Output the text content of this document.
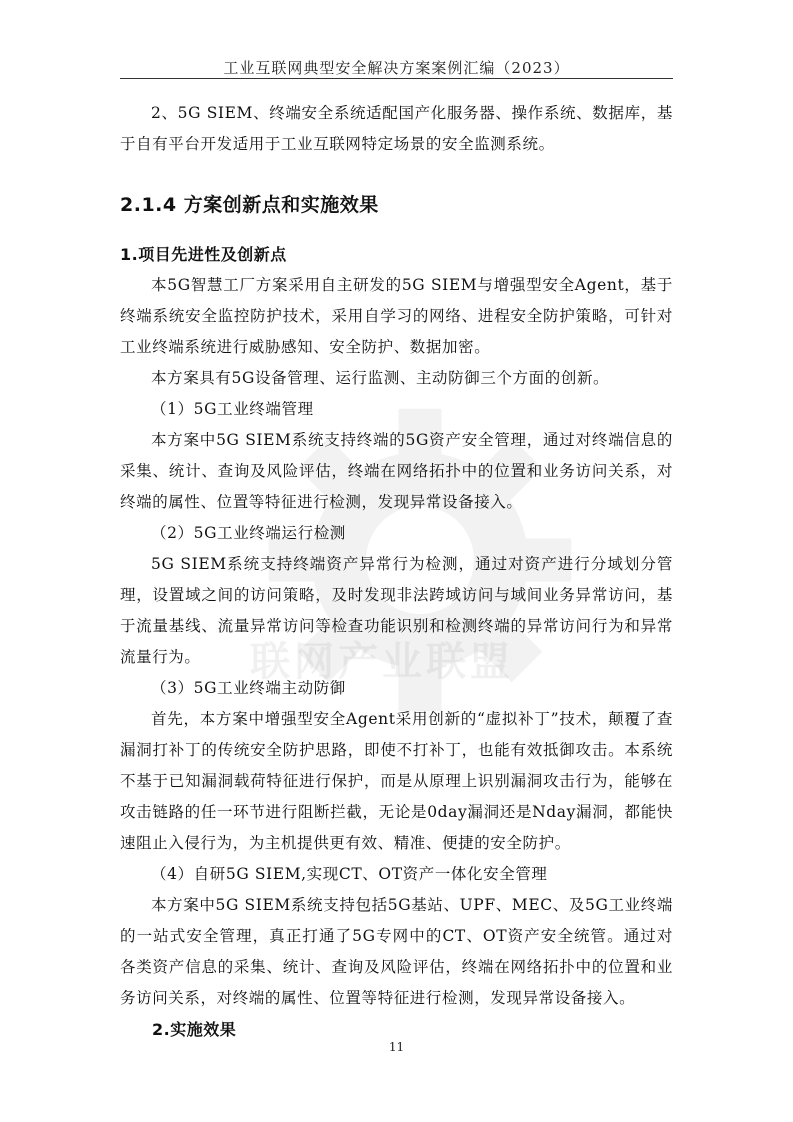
工业互联网典型安全解决方案案例汇编（2023）
联网产业联盟

2、5G SIEM、终端安全系统适配国产化服务器、操作系统、数据库，基于自有平台开发适用于工业互联网特定场景的安全监测系统。

2.1.4 方案创新点和实施效果
1.项目先进性及创新点

本5G智慧工厂方案采用自主研发的5G SIEM与增强型安全Agent，基于终端系统安全监控防护技术，采用自学习的网络、进程安全防护策略，可针对工业终端系统进行威胁感知、安全防护、数据加密。

本方案具有5G设备管理、运行监测、主动防御三个方面的创新。

（1）5G工业终端管理

本方案中5G SIEM系统支持终端的5G资产安全管理，通过对终端信息的采集、统计、查询及风险评估，终端在网络拓扑中的位置和业务访问关系，对终端的属性、位置等特征进行检测，发现异常设备接入。

（2）5G工业终端运行检测

5G SIEM系统支持终端资产异常行为检测，通过对资产进行分域划分管理，设置域之间的访问策略，及时发现非法跨域访问与域间业务异常访问，基于流量基线、流量异常访问等检查功能识别和检测终端的异常访问行为和异常流量行为。

（3）5G工业终端主动防御

首先，本方案中增强型安全Agent采用创新的“虚拟补丁”技术，颠覆了查漏洞打补丁的传统安全防护思路，即使不打补丁，也能有效抵御攻击。本系统不基于已知漏洞载荷特征进行保护，而是从原理上识别漏洞攻击行为，能够在攻击链路的任一环节进行阻断拦截，无论是0day漏洞还是Nday漏洞，都能快速阻止入侵行为，为主机提供更有效、精准、便捷的安全防护。

（4）自研5G SIEM,实现CT、OT资产一体化安全管理

本方案中5G SIEM系统支持包括5G基站、UPF、MEC、及5G工业终端的一站式安全管理，真正打通了5G专网中的CT、OT资产安全统管。通过对各类资产信息的采集、统计、查询及风险评估，终端在网络拓扑中的位置和业务访问关系，对终端的属性、位置等特征进行检测，发现异常设备接入。

2.实施效果
11
